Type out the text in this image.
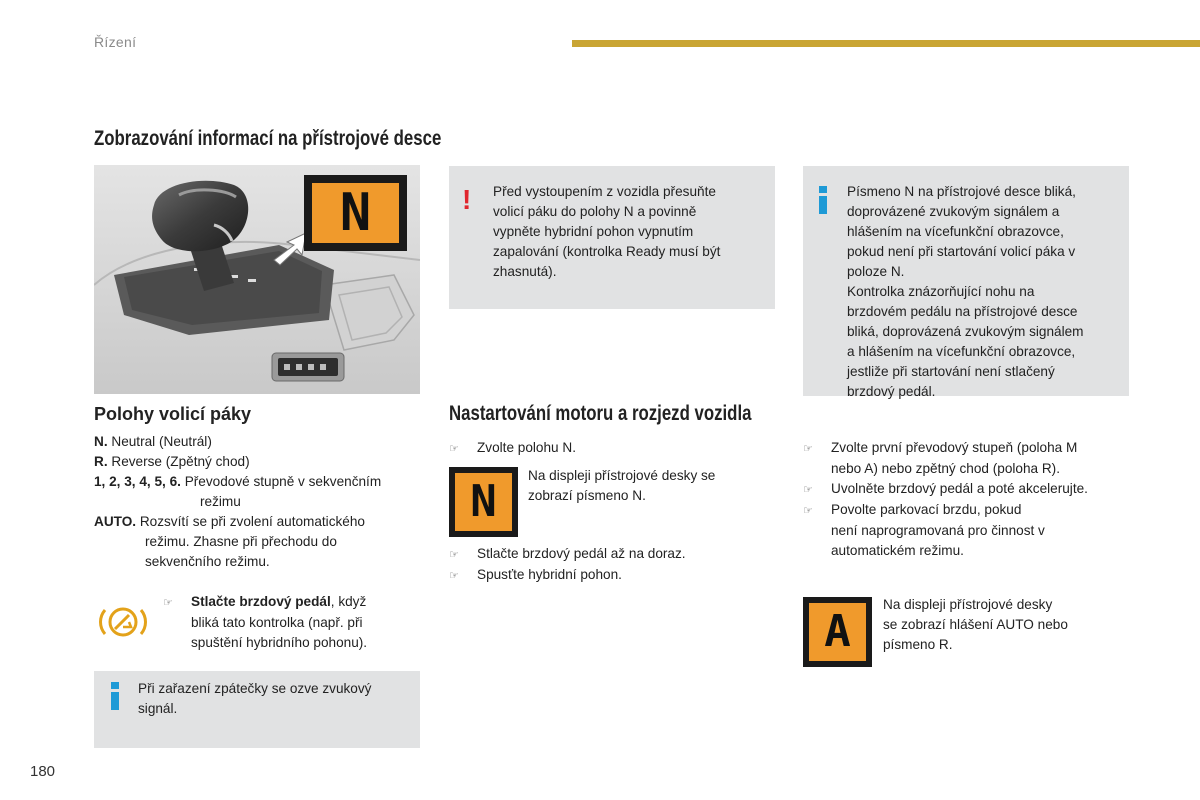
Řízení
Zobrazování informací na přístrojové desce
N	! Před vystoupením z vozidla přesuňte
volicí páku do polohy N a povinně
vypněte hybridní pohon vypnutím
zapalování (kontrolka Ready musí být
zhasnutá).
Písmeno N na přístrojové desce bliká,
doprovázené zvukovým signálem a
hlášením na vícefunkční obrazovce,
pokud není při startování volicí páka v
poloze N.
Kontrolka znázorňující nohu na
brzdovém pedálu na přístrojové desce
bliká, doprovázená zvukovým signálem
a hlášením na vícefunkční obrazovce,
jestliže při startování není stlačený
brzdový pedál.
Polohy volicí páky
N. Neutral (Neutrál)
R. Reverse (Zpětný chod)
1, 2, 3, 4, 5, 6. Převodové stupně v sekvenčním
režimu
AUTO. Rozsvítí se při zvolení automatického
režimu. Zhasne při přechodu do
sekvenčního režimu.
☞ Stlačte brzdový pedál, když
bliká tato kontrolka (např. při
spuštění hybridního pohonu).
Při zařazení zpátečky se ozve zvukový
signál.
Nastartování motoru a rozjezd vozidla
☞ Zvolte polohu N.
N
Na displeji přístrojové desky se
zobrazí písmeno N.
☞ Stlačte brzdový pedál až na doraz.
☞ Spusťte hybridní pohon.
☞ Zvolte první převodový stupeň (poloha M
nebo A) nebo zpětný chod (poloha R).
☞ Uvolněte brzdový pedál a poté akcelerujte.
☞ Povolte parkovací brzdu, pokud
není naprogramovaná pro činnost v
automatickém režimu.
A
Na displeji přístrojové desky
se zobrazí hlášení AUTO nebo
písmeno R.
180
